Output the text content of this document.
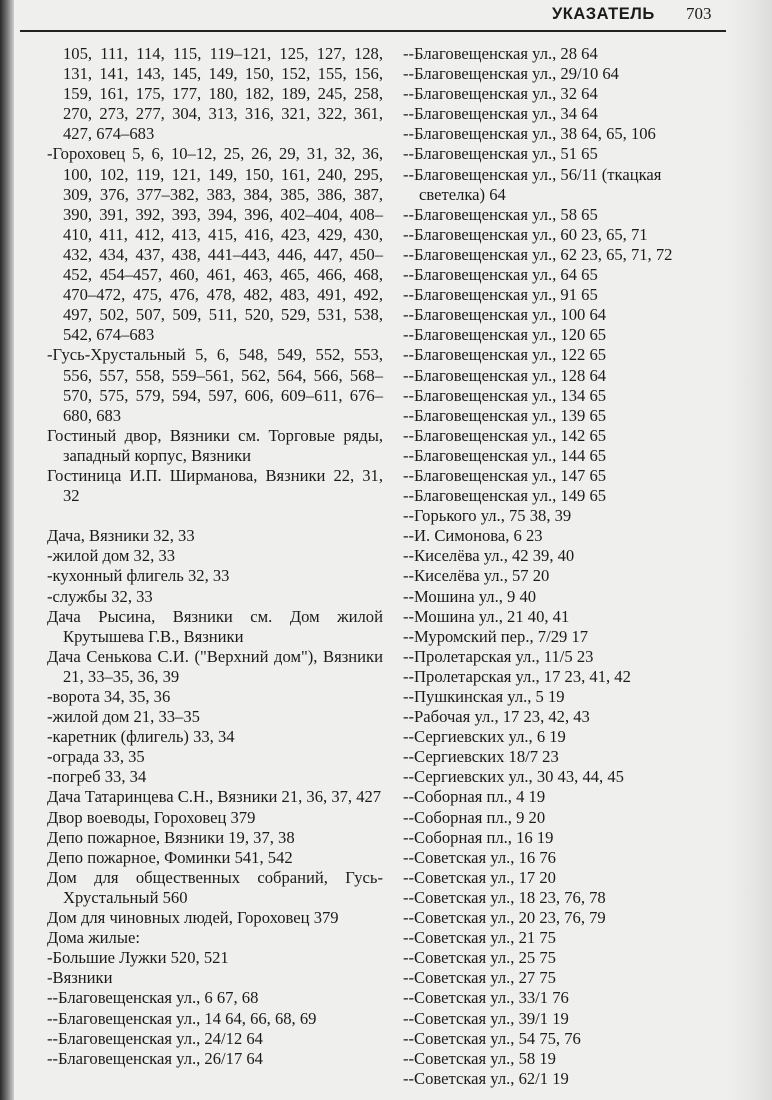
УКАЗАТЕЛЬ 703
105, 111, 114, 115, 119–121, 125, 127, 128, 131, 141, 143, 145, 149, 150, 152, 155, 156, 159, 161, 175, 177, 180, 182, 189, 245, 258, 270, 273, 277, 304, 313, 316, 321, 322, 361, 427, 674–683
-Гороховец 5, 6, 10–12, 25, 26, 29, 31, 32, 36, 100, 102, 119, 121, 149, 150, 161, 240, 295, 309, 376, 377–382, 383, 384, 385, 386, 387, 390, 391, 392, 393, 394, 396, 402–404, 408–410, 411, 412, 413, 415, 416, 423, 429, 430, 432, 434, 437, 438, 441–443, 446, 447, 450–452, 454–457, 460, 461, 463, 465, 466, 468, 470–472, 475, 476, 478, 482, 483, 491, 492, 497, 502, 507, 509, 511, 520, 529, 531, 538, 542, 674–683
-Гусь-Хрустальный 5, 6, 548, 549, 552, 553, 556, 557, 558, 559–561, 562, 564, 566, 568–570, 575, 579, 594, 597, 606, 609–611, 676–680, 683
Гостиный двор, Вязники см. Торговые ряды, западный корпус, Вязники
Гостиница И.П. Ширманова, Вязники 22, 31, 32
Дача, Вязники 32, 33
-жилой дом 32, 33
-кухонный флигель 32, 33
-службы 32, 33
Дача Рысина, Вязники см. Дом жилой Крутышева Г.В., Вязники
Дача Сенькова С.И. ("Верхний дом"), Вязники 21, 33–35, 36, 39
-ворота 34, 35, 36
-жилой дом 21, 33–35
-каретник (флигель) 33, 34
-ограда 33, 35
-погреб 33, 34
Дача Татаринцева С.Н., Вязники 21, 36, 37, 427
Двор воеводы, Гороховец 379
Депо пожарное, Вязники 19, 37, 38
Депо пожарное, Фоминки 541, 542
Дом для общественных собраний, Гусь-Хрустальный 560
Дом для чиновных людей, Гороховец 379
Дома жилые:
-Большие Лужки 520, 521
-Вязники
--Благовещенская ул., 6 67, 68
--Благовещенская ул., 14 64, 66, 68, 69
--Благовещенская ул., 24/12 64
--Благовещенская ул., 26/17 64
--Благовещенская ул., 28 64
--Благовещенская ул., 29/10 64
--Благовещенская ул., 32 64
--Благовещенская ул., 34 64
--Благовещенская ул., 38 64, 65, 106
--Благовещенская ул., 51 65
--Благовещенская ул., 56/11 (ткацкая светелка) 64
--Благовещенская ул., 58 65
--Благовещенская ул., 60 23, 65, 71
--Благовещенская ул., 62 23, 65, 71, 72
--Благовещенская ул., 64 65
--Благовещенская ул., 91 65
--Благовещенская ул., 100 64
--Благовещенская ул., 120 65
--Благовещенская ул., 122 65
--Благовещенская ул., 128 64
--Благовещенская ул., 134 65
--Благовещенская ул., 139 65
--Благовещенская ул., 142 65
--Благовещенская ул., 144 65
--Благовещенская ул., 147 65
--Благовещенская ул., 149 65
--Горького ул., 75 38, 39
--И. Симонова, 6 23
--Киселёва ул., 42 39, 40
--Киселёва ул., 57 20
--Мошина ул., 9 40
--Мошина ул., 21 40, 41
--Муромский пер., 7/29 17
--Пролетарская ул., 11/5 23
--Пролетарская ул., 17 23, 41, 42
--Пушкинская ул., 5 19
--Рабочая ул., 17 23, 42, 43
--Сергиевских ул., 6 19
--Сергиевских 18/7 23
--Сергиевских ул., 30 43, 44, 45
--Соборная пл., 4 19
--Соборная пл., 9 20
--Соборная пл., 16 19
--Советская ул., 16 76
--Советская ул., 17 20
--Советская ул., 18 23, 76, 78
--Советская ул., 20 23, 76, 79
--Советская ул., 21 75
--Советская ул., 25 75
--Советская ул., 27 75
--Советская ул., 33/1 76
--Советская ул., 39/1 19
--Советская ул., 54 75, 76
--Советская ул., 58 19
--Советская ул., 62/1 19
